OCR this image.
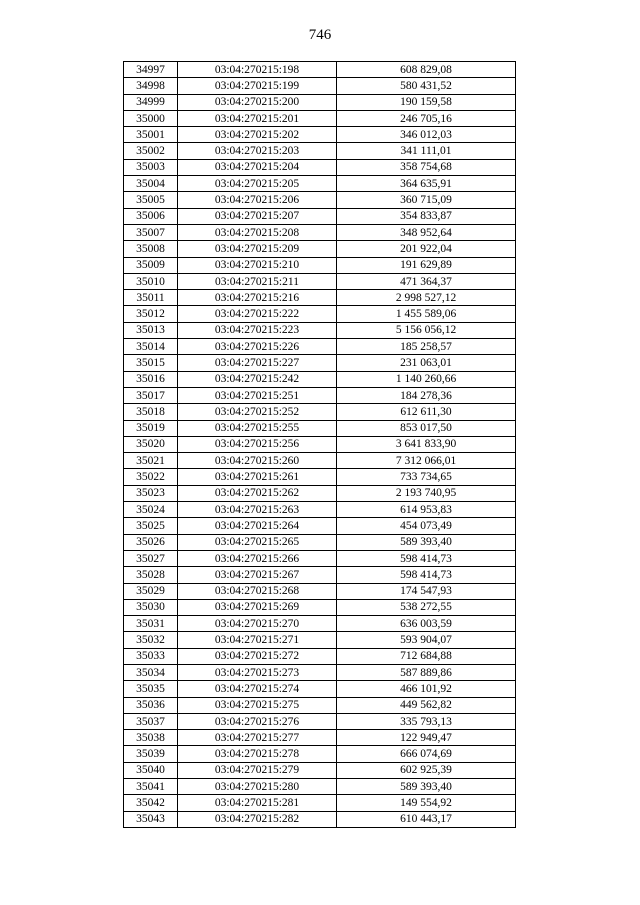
746
34997	03:04:270215:198	608 829,08
34998	03:04:270215:199	580 431,52
34999	03:04:270215:200	190 159,58
35000	03:04:270215:201	246 705,16
35001	03:04:270215:202	346 012,03
35002	03:04:270215:203	341 111,01
35003	03:04:270215:204	358 754,68
35004	03:04:270215:205	364 635,91
35005	03:04:270215:206	360 715,09
35006	03:04:270215:207	354 833,87
35007	03:04:270215:208	348 952,64
35008	03:04:270215:209	201 922,04
35009	03:04:270215:210	191 629,89
35010	03:04:270215:211	471 364,37
35011	03:04:270215:216	2 998 527,12
35012	03:04:270215:222	1 455 589,06
35013	03:04:270215:223	5 156 056,12
35014	03:04:270215:226	185 258,57
35015	03:04:270215:227	231 063,01
35016	03:04:270215:242	1 140 260,66
35017	03:04:270215:251	184 278,36
35018	03:04:270215:252	612 611,30
35019	03:04:270215:255	853 017,50
35020	03:04:270215:256	3 641 833,90
35021	03:04:270215:260	7 312 066,01
35022	03:04:270215:261	733 734,65
35023	03:04:270215:262	2 193 740,95
35024	03:04:270215:263	614 953,83
35025	03:04:270215:264	454 073,49
35026	03:04:270215:265	589 393,40
35027	03:04:270215:266	598 414,73
35028	03:04:270215:267	598 414,73
35029	03:04:270215:268	174 547,93
35030	03:04:270215:269	538 272,55
35031	03:04:270215:270	636 003,59
35032	03:04:270215:271	593 904,07
35033	03:04:270215:272	712 684,88
35034	03:04:270215:273	587 889,86
35035	03:04:270215:274	466 101,92
35036	03:04:270215:275	449 562,82
35037	03:04:270215:276	335 793,13
35038	03:04:270215:277	122 949,47
35039	03:04:270215:278	666 074,69
35040	03:04:270215:279	602 925,39
35041	03:04:270215:280	589 393,40
35042	03:04:270215:281	149 554,92
35043	03:04:270215:282	610 443,17
